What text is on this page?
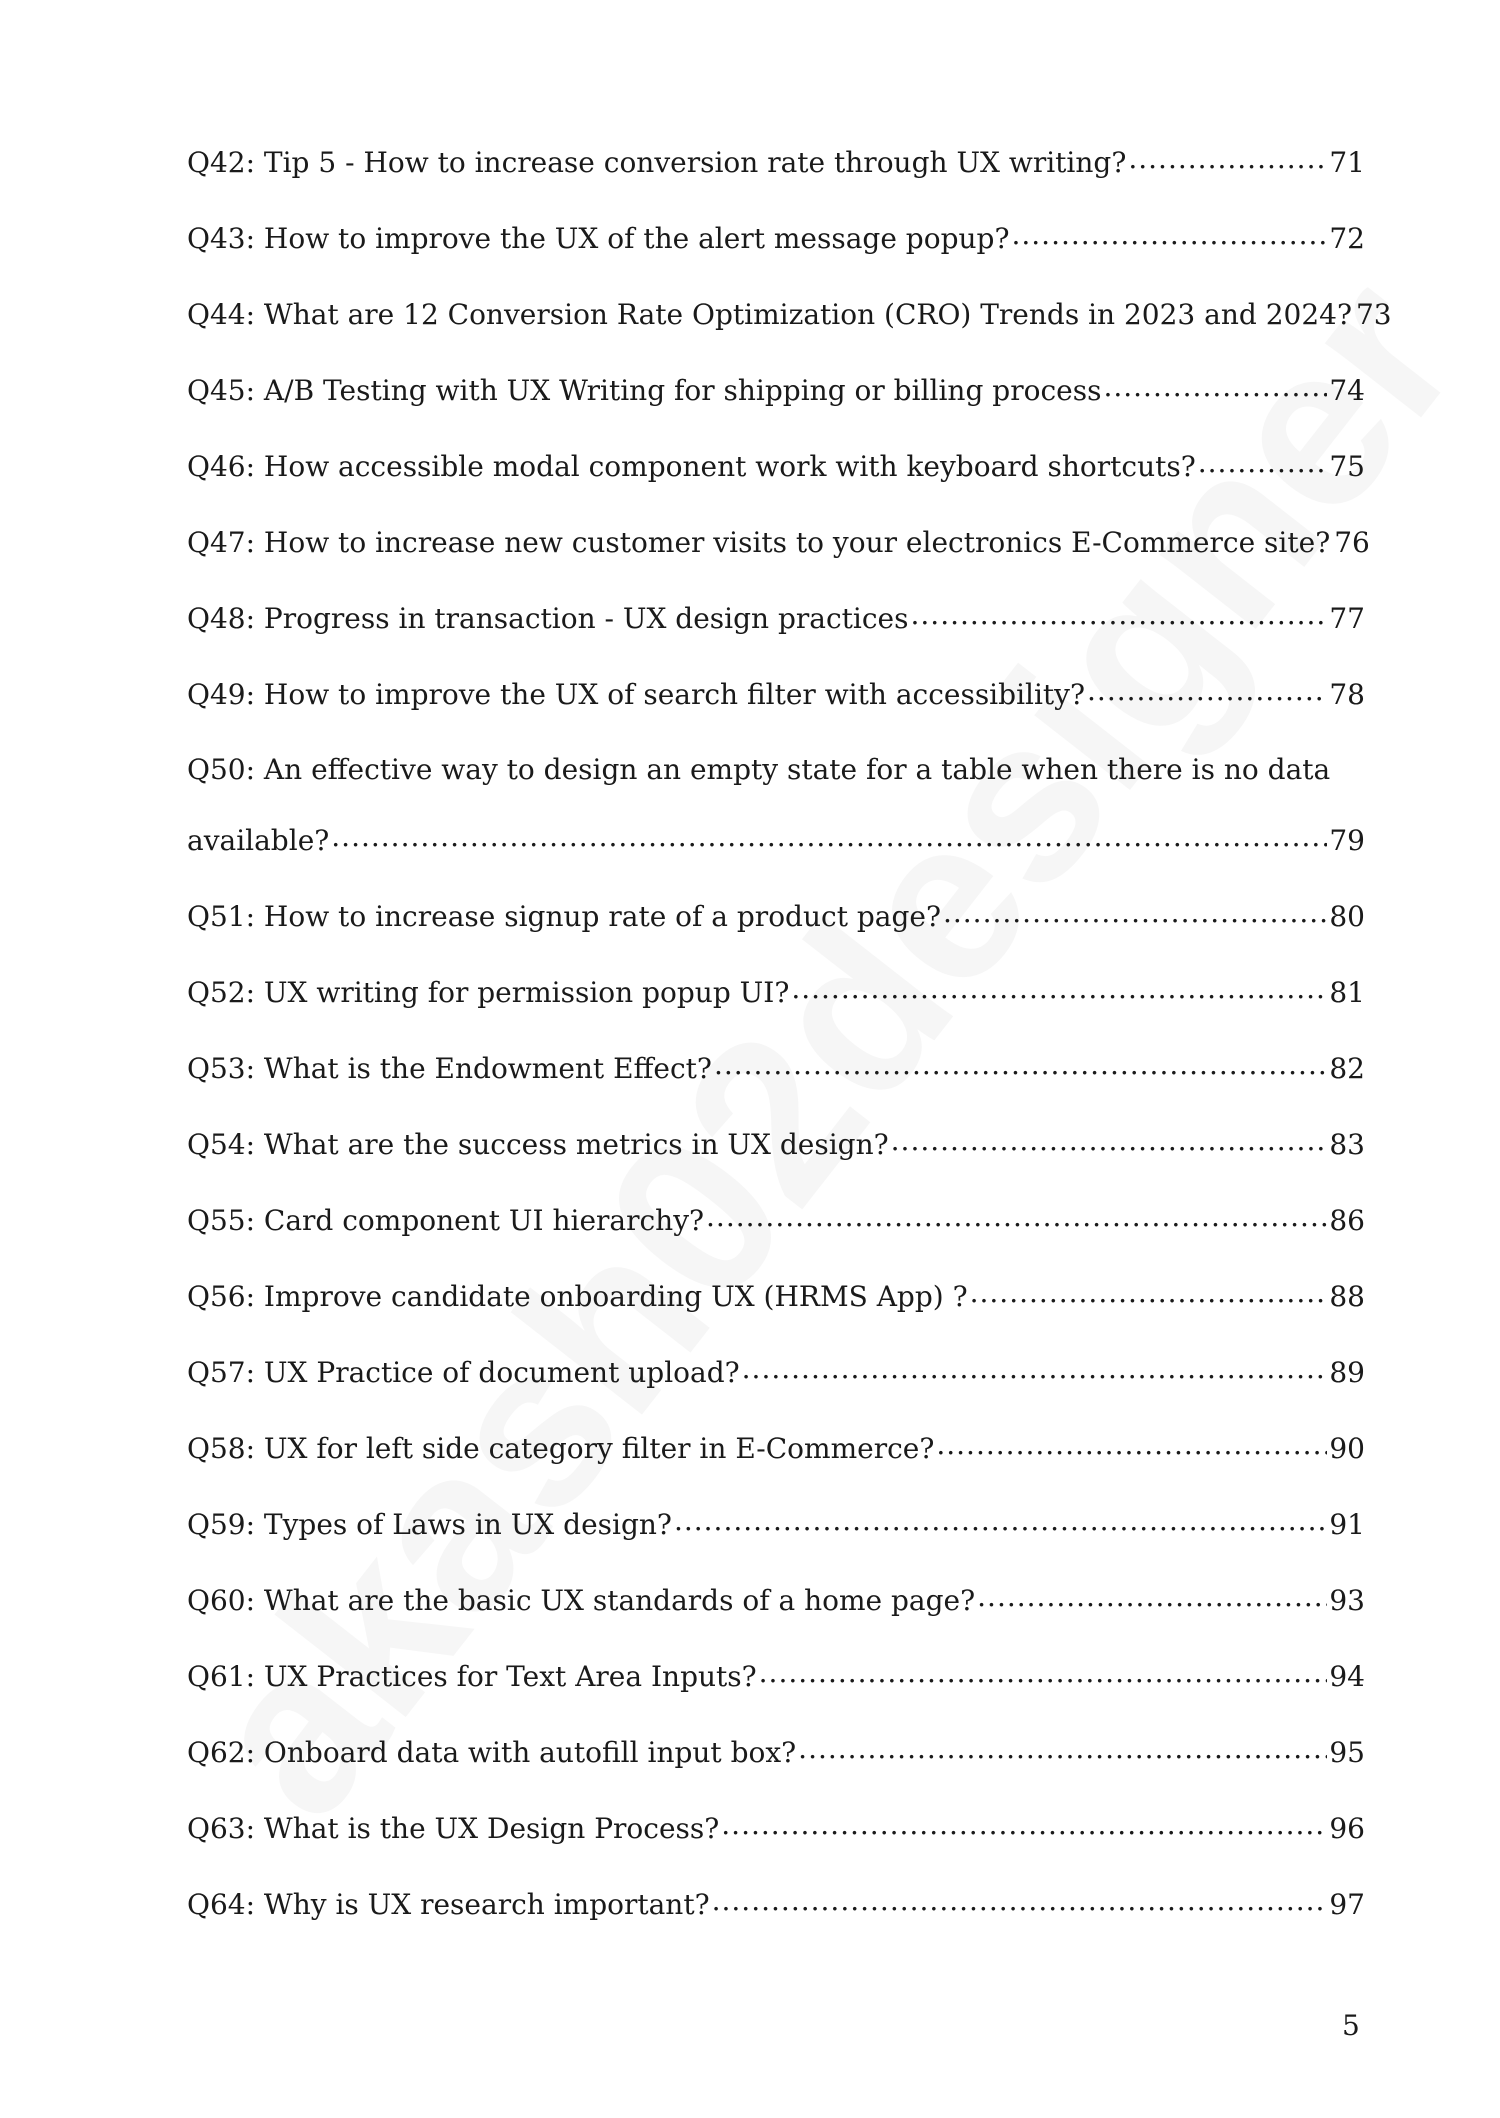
Q42: Tip 5 - How to increase conversion rate through UX writing? .....	71
Q43: How to improve the UX of the alert message popup? .....	72
Q44: What are 12 Conversion Rate Optimization (CRO) Trends in 2023 and 2024? 73
Q45: A/B Testing with UX Writing for shipping or billing process .....	74
Q46: How accessible modal component work with keyboard shortcuts? .....	75
Q47: How to increase new customer visits to your electronics E-Commerce site? 76
Q48: Progress in transaction - UX design practices .....	77
Q49: How to improve the UX of search filter with accessibility? .....	78
Q50: An effective way to design an empty state for a table when there is no data
available? .....	79
Q51: How to increase signup rate of a product page? .....	80
Q52: UX writing for permission popup UI? .....	81
Q53: What is the Endowment Effect? .....	82
Q54: What are the success metrics in UX design? .....	83
Q55: Card component UI hierarchy? .....	86
Q56: Improve candidate onboarding UX (HRMS App) ? .....	88
Q57: UX Practice of document upload? .....	89
Q58: UX for left side category filter in E-Commerce? .....	90
Q59: Types of Laws in UX design? .....	91
Q60: What are the basic UX standards of a home page? .....	93
Q61: UX Practices for Text Area Inputs? .....	94
Q62: Onboard data with autofill input box? .....	95
Q63: What is the UX Design Process? .....	96
Q64: Why is UX research important? .....	97
5
